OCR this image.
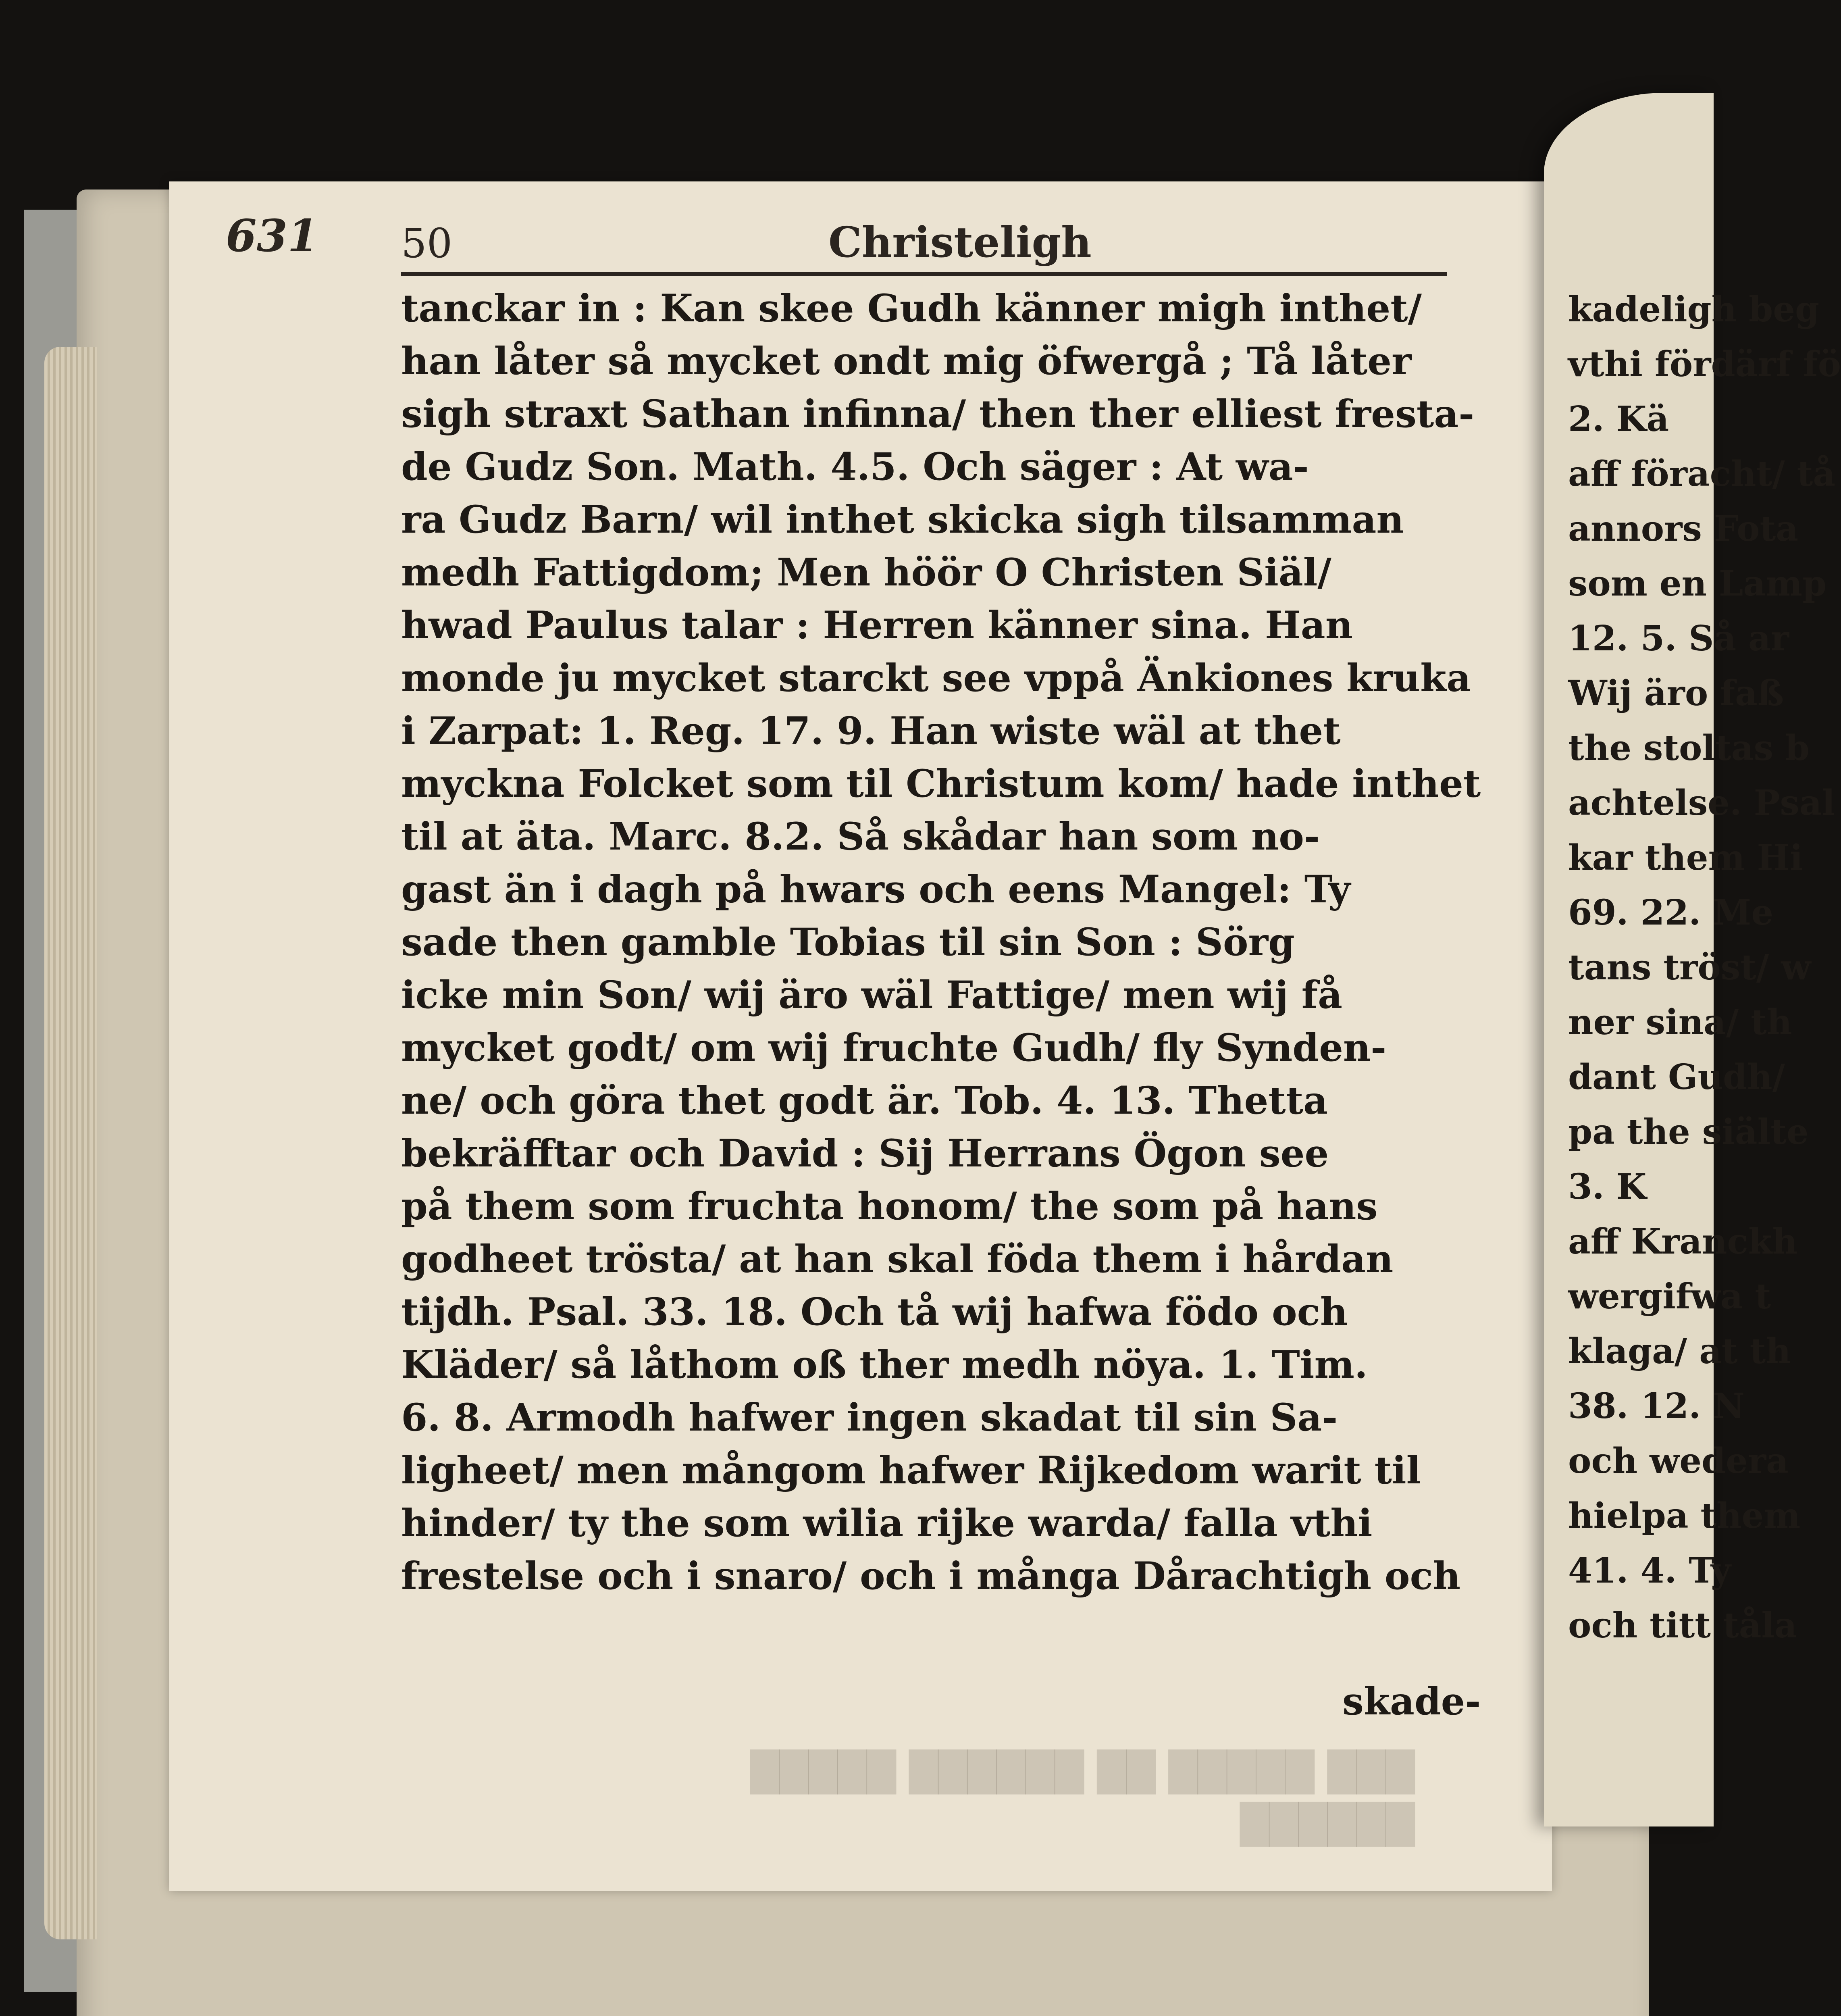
631 50	Christeligh
tanckar in : Kan skee Gudh känner migh inthet/
han låter så mycket ondt mig öfwergå ; Tå låter
sigh straxt Sathan infinna/ then ther elliest fresta-
de Gudz Son. Math. 4.5. Och säger : At wa-
ra Gudz Barn/ wil inthet skicka sigh tilsamman
medh Fattigdom; Men höör O Christen Siäl/
hwad Paulus talar : Herren känner sina. Han
monde ju mycket starckt see vppå Änkiones kruka
i Zarpat: 1. Reg. 17. 9. Han wiste wäl at thet
myckna Folcket som til Christum kom/ hade inthet
til at äta. Marc. 8.2. Så skådar han som no-
gast än i dagh på hwars och eens Mangel: Ty
sade then gamble Tobias til sin Son : Sörg
icke min Son/ wij äro wäl Fattige/ men wij få
mycket godt/ om wij fruchte Gudh/ fly Synden-
ne/ och göra thet godt är. Tob. 4. 13. Thetta
bekräfftar och David : Sij Herrans Ögon see
på them som fruchta honom/ the som på hans
godheet trösta/ at han skal föda them i hårdan
tijdh. Psal. 33. 18. Och tå wij hafwa födo och
Kläder/ så låthom oß ther medh nöya. 1. Tim.
6. 8. Armodh hafwer ingen skadat til sin Sa-
ligheet/ men mångom hafwer Rijkedom warit til
hinder/ ty the som wilia rijke warda/ falla vthi
frestelse och i snaro/ och i många Dårachtigh och
skade-
███ █████ ██ ██████ █████
██████
kadeligh beg
vthi fördärf fö
2. Kä
aff föracht/ tå
annors Fota
som en Lamp
12. 5. Så ar
Wij äro faß
the stoltas b
achtelse. Psal
kar them Hi
69. 22. Me
tans tröst/ w
ner sina/ th
dant Gudh/
pa the siälte
3. K
aff Kranckh
wergifwa t
klaga/ at th
38. 12. N
och wedera
hielpa them
41. 4. Ty
och titt tåla
